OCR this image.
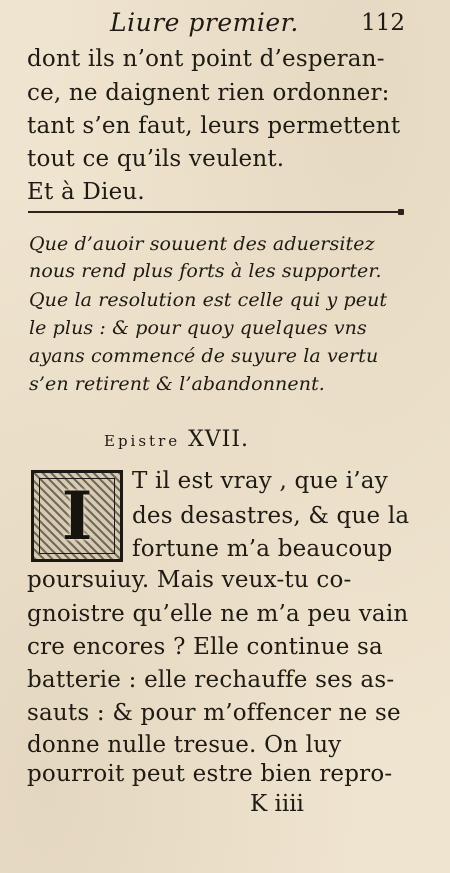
Liure premier.	112
dont ils n’ont point d’esperan-
ce, ne daignent rien ordonner:
tant s’en faut, leurs permettent
tout ce qu’ils veulent.
Et à Dieu.
Que d’auoir souuent des aduersitez
nous rend plus forts à les supporter.
Que la resolution est celle qui y peut
le plus : & pour quoy quelques vns
ayans commencé de suyure la vertu
s’en retirent & l’abandonnent.
Epistre XVII.
I	T il est vray , que i’ay
des desastres, & que la
fortune m’a beaucoup
poursuiuy. Mais veux-tu co-
gnoistre qu’elle ne m’a peu vain
cre encores ? Elle continue sa
batterie : elle rechauffe ses as-
sauts : & pour m’offencer ne se
donne nulle tresue. On luy
pourroit peut estre bien repro-
K iiii
